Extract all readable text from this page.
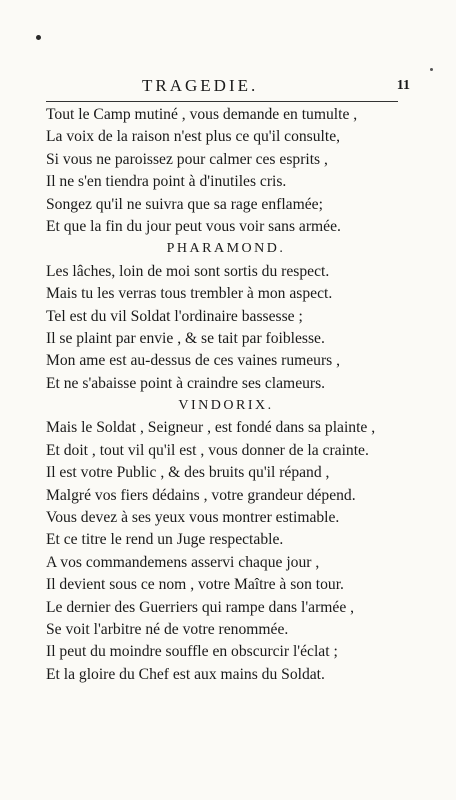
TRAGEDIE.	11
Tout le Camp mutiné , vous demande en tumulte ,
La voix de la raison n'est plus ce qu'il consulte,
Si vous ne paroissez pour calmer ces esprits ,
Il ne s'en tiendra point à d'inutiles cris.
Songez qu'il ne suivra que sa rage enflamée;
Et que la fin du jour peut vous voir sans armée.
PHARAMOND.
Les lâches, loin de moi sont sortis du respect.
Mais tu les verras tous trembler à mon aspect.
Tel est du vil Soldat l'ordinaire bassesse ;
Il se plaint par envie , & se tait par foiblesse.
Mon ame est au-dessus de ces vaines rumeurs ,
Et ne s'abaisse point à craindre ses clameurs.
VINDORIX.
Mais le Soldat , Seigneur , est fondé dans sa plainte ,
Et doit , tout vil qu'il est , vous donner de la crainte.
Il est votre Public , & des bruits qu'il répand ,
Malgré vos fiers dédains , votre grandeur dépend.
Vous devez à ses yeux vous montrer estimable.
Et ce titre le rend un Juge respectable.
A vos commandemens asservi chaque jour ,
Il devient sous ce nom , votre Maître à son tour.
Le dernier des Guerriers qui rampe dans l'armée ,
Se voit l'arbitre né de votre renommée.
Il peut du moindre souffle en obscurcir l'éclat ;
Et la gloire du Chef est aux mains du Soldat.
